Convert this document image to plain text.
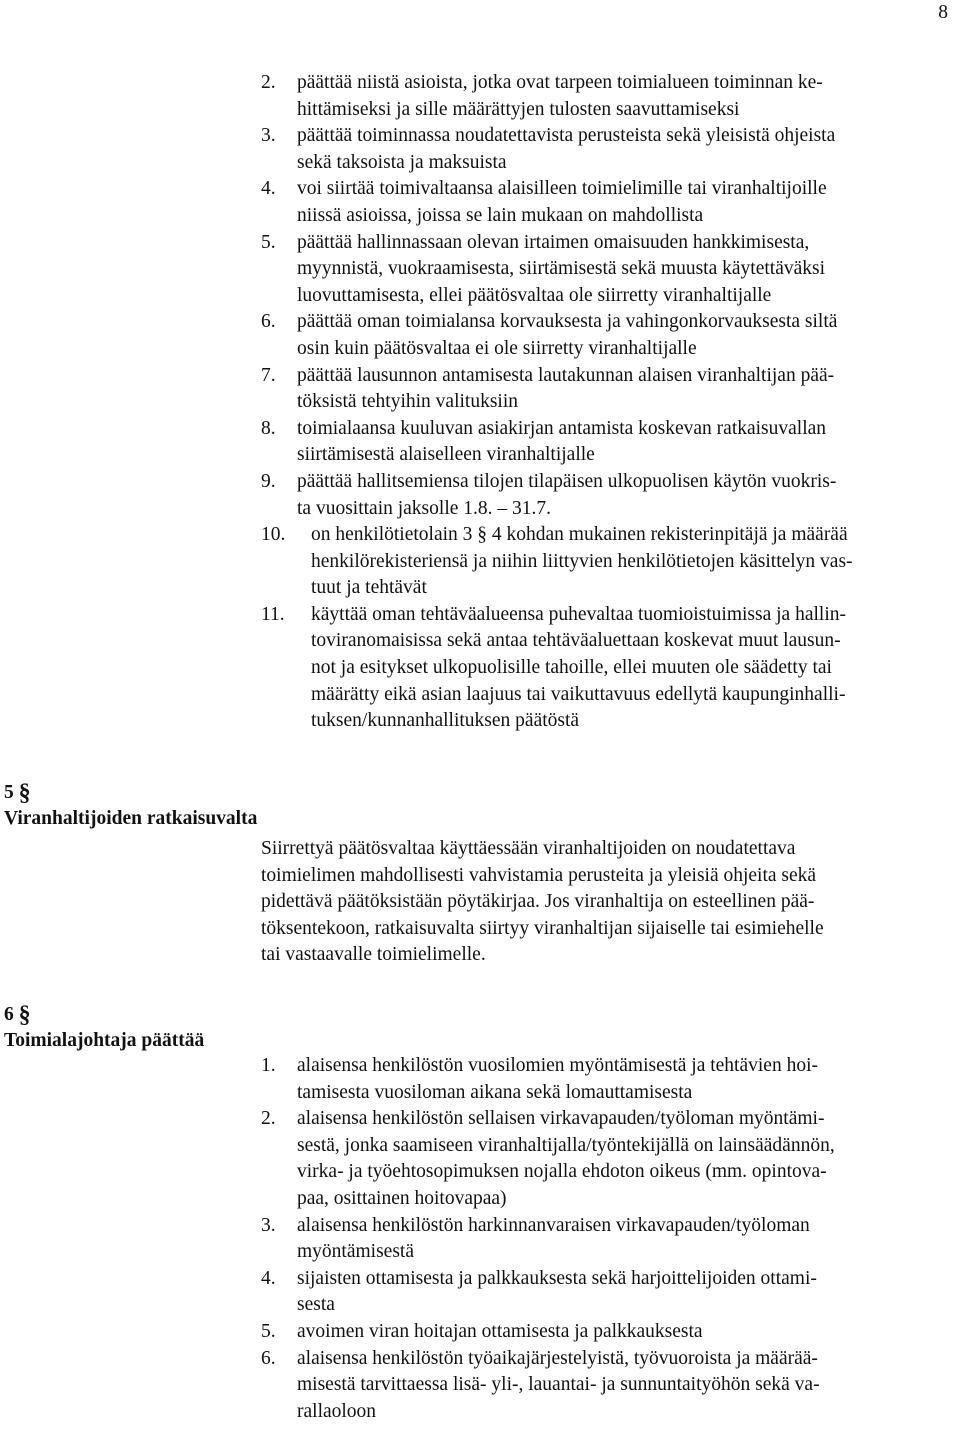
8
2. päättää niistä asioista, jotka ovat tarpeen toimialueen toiminnan ke-
hittämiseksi ja sille määrättyjen tulosten saavuttamiseksi
3. päättää toiminnassa noudatettavista perusteista sekä yleisistä ohjeista
sekä taksoista ja maksuista
4. voi siirtää toimivaltaansa alaisilleen toimielimille tai viranhaltijoille
niissä asioissa, joissa se lain mukaan on mahdollista
5. päättää hallinnassaan olevan irtaimen omaisuuden hankkimisesta,
myynnistä, vuokraamisesta, siirtämisestä sekä muusta käytettäväksi
luovuttamisesta, ellei päätösvaltaa ole siirretty viranhaltijalle
6. päättää oman toimialansa korvauksesta ja vahingonkorvauksesta siltä
osin kuin päätösvaltaa ei ole siirretty viranhaltijalle
7. päättää lausunnon antamisesta lautakunnan alaisen viranhaltijan pää-
töksistä tehtyihin valituksiin
8. toimialaansa kuuluvan asiakirjan antamista koskevan ratkaisuvallan
siirtämisestä alaiselleen viranhaltijalle
9. päättää hallitsemiensa tilojen tilapäisen ulkopuolisen käytön vuokris-
ta vuosittain jaksolle 1.8. – 31.7.
10. on henkilötietolain 3 § 4 kohdan mukainen rekisterinpitäjä ja määrää
henkilörekisteriensä ja niihin liittyvien henkilötietojen käsittelyn vas-
tuut ja tehtävät
11. käyttää oman tehtäväalueensa puhevaltaa tuomioistuimissa ja hallin-
toviranomaisissa sekä antaa tehtäväaluettaan koskevat muut lausun-
not ja esitykset ulkopuolisille tahoille, ellei muuten ole säädetty tai
määrätty eikä asian laajuus tai vaikuttavuus edellytä kaupunginhalli-
tuksen/kunnanhallituksen päätöstä
5 §
Viranhaltijoiden ratkaisuvalta

Siirrettyä päätösvaltaa käyttäessään viranhaltijoiden on noudatettava
toimielimen mahdollisesti vahvistamia perusteita ja yleisiä ohjeita sekä
pidettävä päätöksistään pöytäkirjaa. Jos viranhaltija on esteellinen pää-
töksentekoon, ratkaisuvalta siirtyy viranhaltijan sijaiselle tai esimiehelle
tai vastaavalle toimielimelle.

6 §
Toimialajohtaja päättää
1. alaisensa henkilöstön vuosilomien myöntämisestä ja tehtävien hoi-
tamisesta vuosiloman aikana sekä lomauttamisesta
2. alaisensa henkilöstön sellaisen virkavapauden/työloman myöntämi-
sestä, jonka saamiseen viranhaltijalla/työntekijällä on lainsäädännön,
virka- ja työehtosopimuksen nojalla ehdoton oikeus (mm. opintova-
paa, osittainen hoitovapaa)
3. alaisensa henkilöstön harkinnanvaraisen virkavapauden/työloman
myöntämisestä
4. sijaisten ottamisesta ja palkkauksesta sekä harjoittelijoiden ottami-
sesta
5. avoimen viran hoitajan ottamisesta ja palkkauksesta
6. alaisensa henkilöstön työaikajärjestelyistä, työvuoroista ja määrää-
misestä tarvittaessa lisä- yli-, lauantai- ja sunnuntaityöhön sekä va-
rallaoloon
